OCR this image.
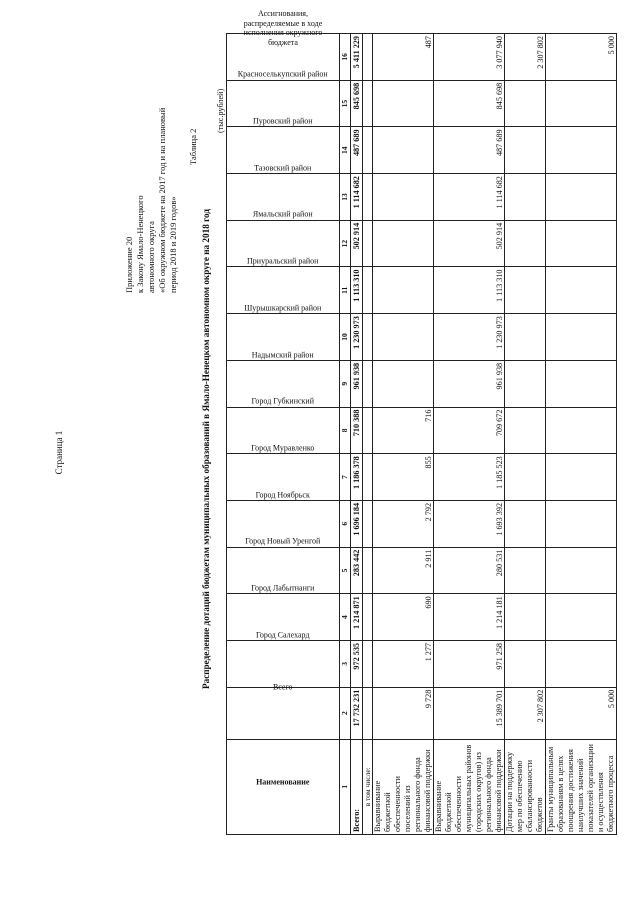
Страница 1
Приложение 20 к Закону Ямало-Ненецкого автономного округа «Об окружном бюджете на 2017 год и на плановый период 2018 и 2019 годов»
Таблица 2
Распределение дотаций бюджетам муниципальных образований в Ямало-Ненецком автономном округе на 2018 год
(тыс.рублей)
Наименование	Всего	Город Салехард	Город Лабытнанги	Город Новый Уренгой	Город Ноябрьск	Город Муравленко	Город Губкинский	Надымский район	Шурышкарский район	Приуральский район	Ямальский район	Тазовский район	Пуровский район	Красноселькупский район	Ассигнования, распределяемые в ходе исполнения окружного бюджета
1	2	3	4	5	6	7	8	9	10	11	12	13	14	15	16
Всего:	17 732 231	972 535	1 214 871	283 442	1 696 184	1 186 378	710 388	961 938	1 230 973	1 113 310	502 914	1 114 682	487 689	845 698	5 411 229
в том числе:															
Выравнивание бюджетной обеспеченности поселений из регионального фонда финансовой поддержки	9 728	1 277	690	2 911	2 792	855	716								487
Выравнивание бюджетной обеспеченности муниципальных районов (городских округов) из регионального фонда финансовой поддержки	15 389 701	971 258	1 214 181	280 531	1 693 392	1 185 523	709 672	961 938	1 230 973	1 113 310	502 914	1 114 682	487 689	845 698	3 077 940
Дотации на поддержку мер по обеспечению сбалансированности бюджетов	2 307 802														2 307 802
Гранты муниципальным образованиям в целях поощрения достижения наилучших значений показателей организации и осуществления бюджетного процесса	5 000														5 000
